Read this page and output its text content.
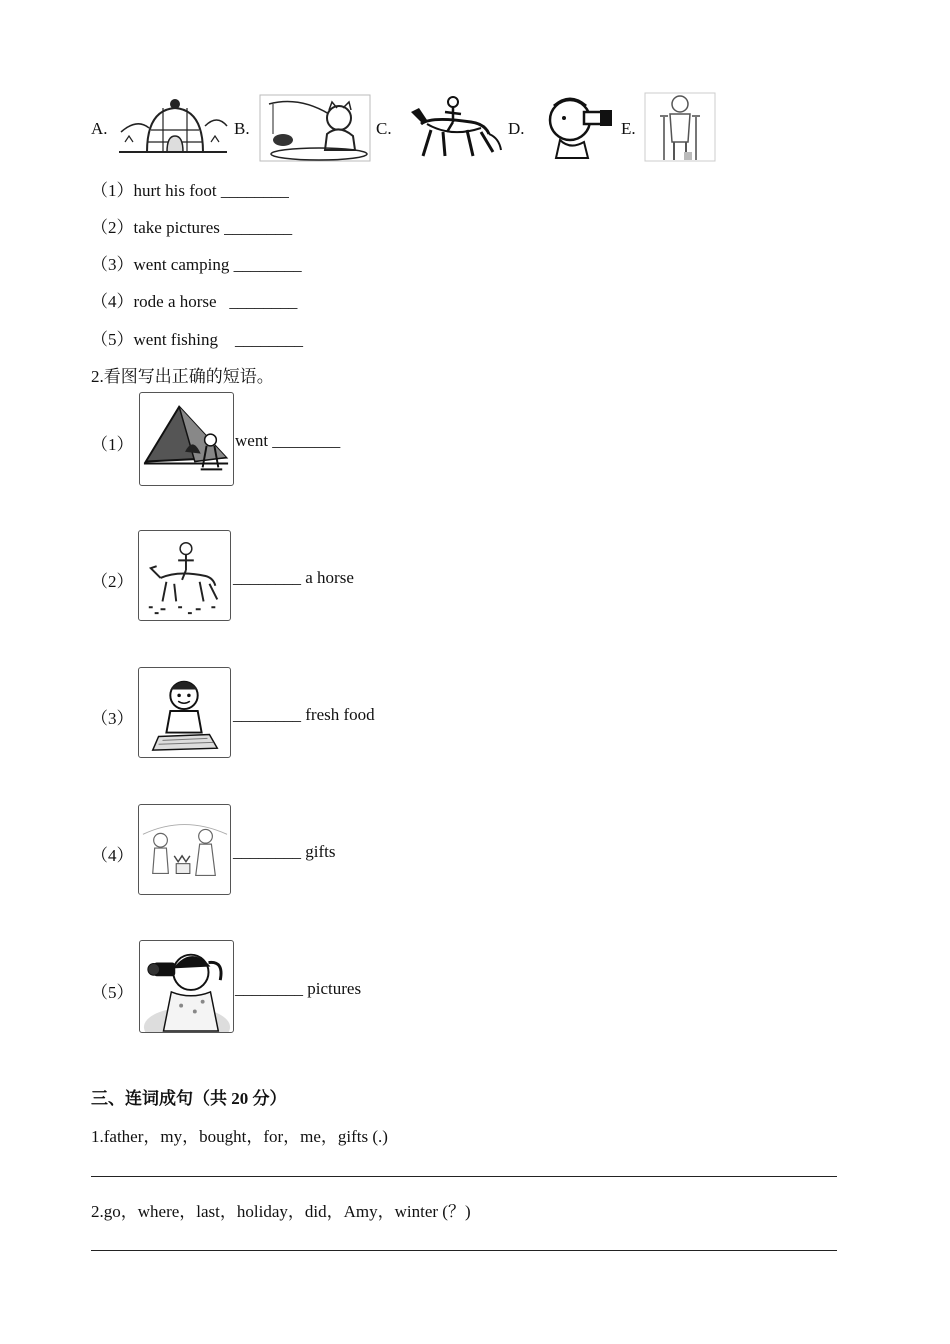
A.	B.	C.	D.	E.
（1）hurt his foot ________
（2）take pictures ________
（3）went camping ________
（4）rode a horse   ________
（5）went fishing    ________
2.看图写出正确的短语。
（1）	went ________
（2）	________ a horse
（3）	________ fresh food
（4）	________ gifts
（5）	________ pictures
三、连词成句（共 20 分）
1.father，my，bought，for，me，gifts (.)
2.go，where，last，holiday，did，Amy，winter (？)
